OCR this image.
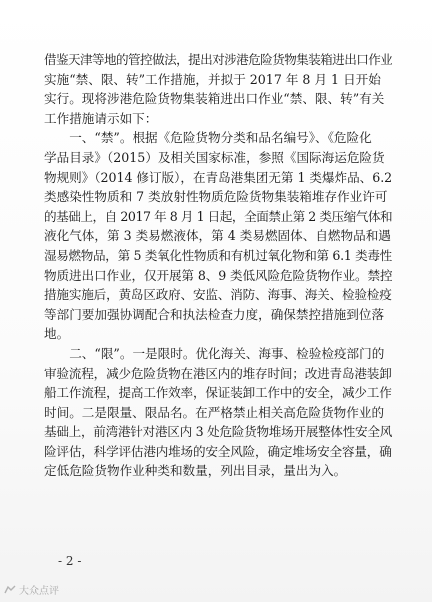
借鉴天津等地的管控做法，提出对涉港危险货物集装箱进出口作业
实施“禁、限、转”工作措施，并拟于 2017 年 8 月 1 日开始
实行。现将涉港危险货物集装箱进出口作业“禁、限、转”有关
工作措施请示如下：

　　一、“禁”。根据《危险货物分类和品名编号》、《危险化
学品目录》（2015）及相关国家标准，参照《国际海运危险货
物规则》（2014 修订版），在青岛港集团无第 1 类爆炸品、6.2
类感染性物质和 7 类放射性物质危险货物集装箱堆存作业许可
的基础上，自 2017 年 8 月 1 日起，全面禁止第 2 类压缩气体和
液化气体，第 3 类易燃液体，第 4 类易燃固体、自燃物品和遇
湿易燃物品，第 5 类氧化性物质和有机过氧化物和第 6.1 类毒性
物质进出口作业，仅开展第 8、9 类低风险危险货物作业。禁控
措施实施后，黄岛区政府、安监、消防、海事、海关、检验检疫
等部门要加强协调配合和执法检查力度，确保禁控措施到位落
地。

　　二、“限”。一是限时。优化海关、海事、检验检疫部门的
审验流程，减少危险货物在港区内的堆存时间；改进青岛港装卸
船工作流程，提高工作效率，保证装卸工作中的安全，减少工作
时间。二是限量、限品名。在严格禁止相关高危险货物作业的
基础上，前湾港针对港区内 3 处危险货物堆场开展整体性安全风
险评估，科学评估港内堆场的安全风险，确定堆场安全容量，确
定低危险货物作业种类和数量，列出目录，量出为入。

- 2 -
大众点评
